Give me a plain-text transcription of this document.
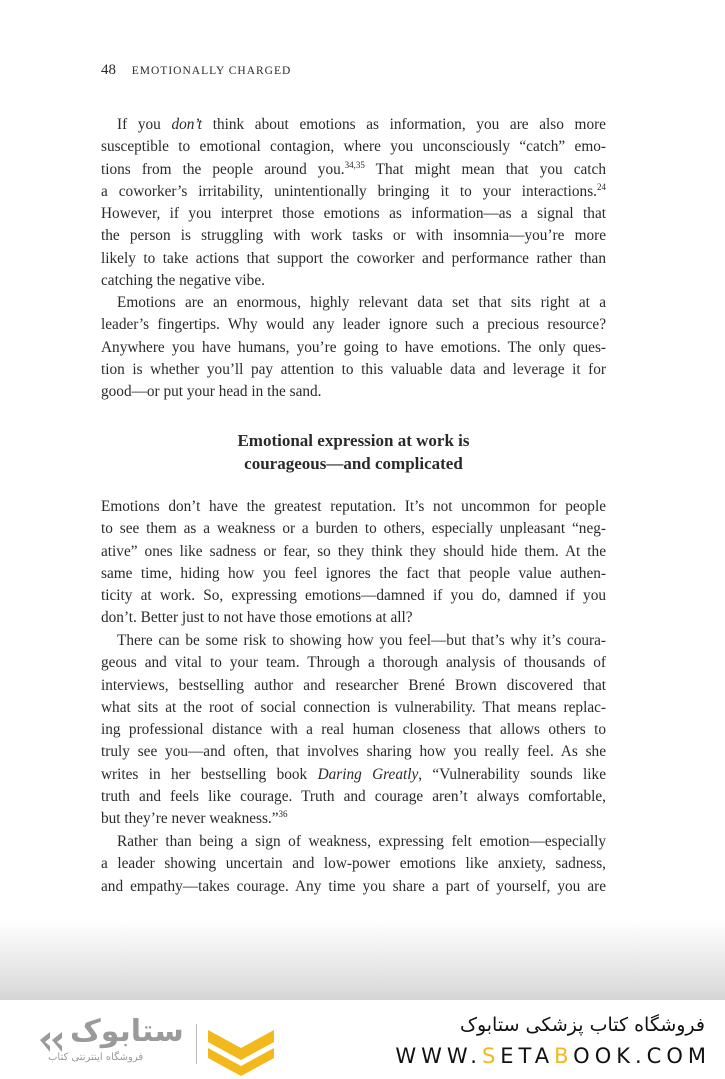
48 EMOTIONALLY CHARGED
If you don’t think about emotions as information, you are also more
susceptible to emotional contagion, where you unconsciously “catch” emo-
tions from the people around you.$^{34,35}$ That might mean that you catch
a coworker’s irritability, unintentionally bringing it to your interactions.$^{24}$
However, if you interpret those emotions as information—as a signal that
the person is struggling with work tasks or with insomnia—you’re more
likely to take actions that support the coworker and performance rather than
catching the negative vibe.
Emotions are an enormous, highly relevant data set that sits right at a
leader’s fingertips. Why would any leader ignore such a precious resource?
Anywhere you have humans, you’re going to have emotions. The only ques-
tion is whether you’ll pay attention to this valuable data and leverage it for
good—or put your head in the sand.
Emotions don’t have the greatest reputation. It’s not uncommon for people
to see them as a weakness or a burden to others, especially unpleasant “neg-
ative” ones like sadness or fear, so they think they should hide them. At the
same time, hiding how you feel ignores the fact that people value authen-
ticity at work. So, expressing emotions—damned if you do, damned if you
don’t. Better just to not have those emotions at all?
There can be some risk to showing how you feel—but that’s why it’s coura-
geous and vital to your team. Through a thorough analysis of thousands of
interviews, bestselling author and researcher Brené Brown discovered that
what sits at the root of social connection is vulnerability. That means replac-
ing professional distance with a real human closeness that allows others to
truly see you—and often, that involves sharing how you really feel. As she
writes in her bestselling book Daring Greatly, “Vulnerability sounds like
truth and feels like courage. Truth and courage aren’t always comfortable,
but they’re never weakness.”$^{36}$
Rather than being a sign of weakness, expressing felt emotion—especially
a leader showing uncertain and low-power emotions like anxiety, sadness,
and empathy—takes courage. Any time you share a part of yourself, you are
Emotional expression at work is
courageous—and complicated
ستابوک
فروشگاه اینترنتی کتاب
فروشگاه کتاب پزشکی ستابوک
WWW.SETABOOK.COM
